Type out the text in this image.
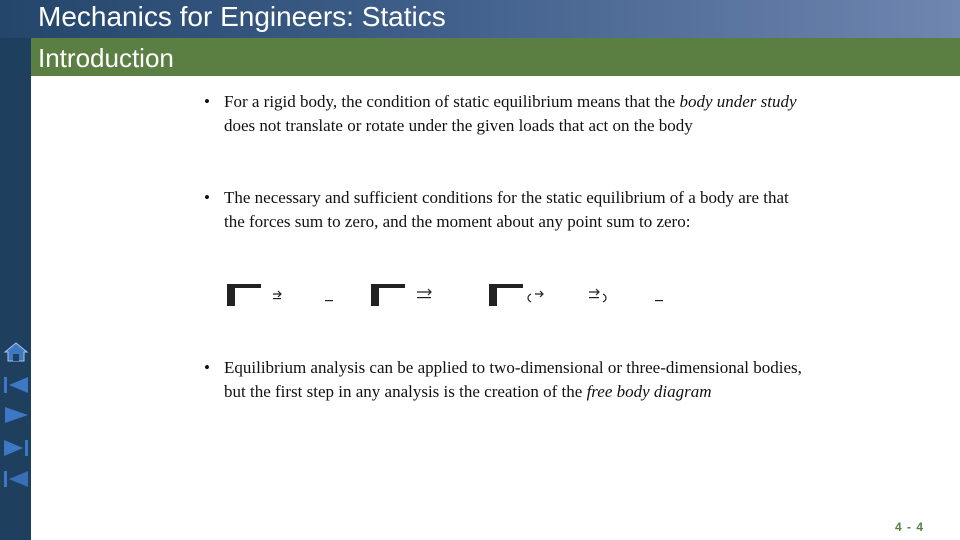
Mechanics for Engineers: Statics
Introduction
• For a rigid body, the condition of static equilibrium means that the body under study does not translate or rotate under the given loads that act on the body
• The necessary and sufficient conditions for the static equilibrium of a body are that the forces sum to zero, and the moment about any point sum to zero:
• Equilibrium analysis can be applied to two-dimensional or three-dimensional bodies, but the first step in any analysis is the creation of the free body diagram
4 - 4
